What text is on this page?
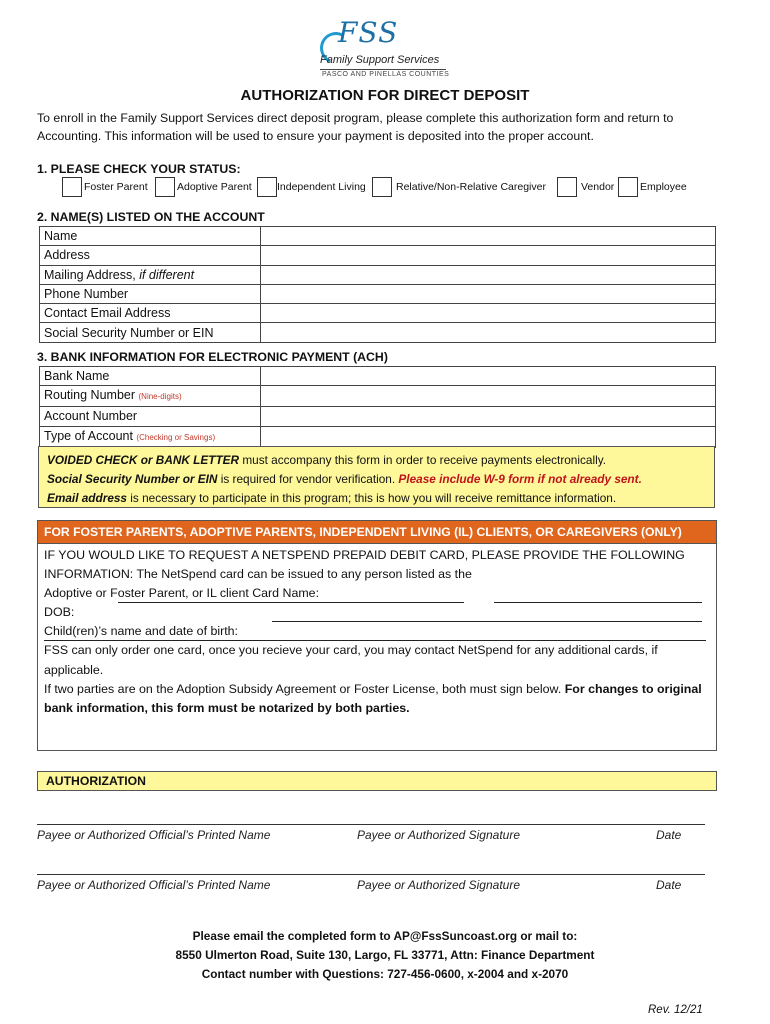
FSS
Family Support Services
PASCO AND PINELLAS COUNTIES
AUTHORIZATION FOR DIRECT DEPOSIT
To enroll in the Family Support Services direct deposit program, please complete this authorization form and return to Accounting. This information will be used to ensure your payment is deposited into the proper account.
1. PLEASE CHECK YOUR STATUS:
Foster Parent	Adoptive Parent Independent Living	Relative/Non-Relative Caregiver	Vendor Employee
2. NAME(S) LISTED ON THE ACCOUNT
Name	
Address	
Mailing Address, if different	
Phone Number	
Contact Email Address	
Social Security Number or EIN	
3. BANK INFORMATION FOR ELECTRONIC PAYMENT (ACH)
Bank Name	
Routing Number (Nine-digits)	
Account Number	
Type of Account (Checking or Savings)	
VOIDED CHECK or BANK LETTER must accompany this form in order to receive payments electronically.
Social Security Number or EIN is required for vendor verification. Please include W-9 form if not already sent.
Email address is necessary to participate in this program; this is how you will receive remittance information.
FOR FOSTER PARENTS, ADOPTIVE PARENTS, INDEPENDENT LIVING (IL) CLIENTS, OR CAREGIVERS (ONLY)
IF YOU WOULD LIKE TO REQUEST A NETSPEND PREPAID DEBIT CARD, PLEASE PROVIDE THE FOLLOWING INFORMATION: The NetSpend card can be issued to any person listed as the
Adoptive or Foster Parent, or IL client Card Name:
DOB:
Child(ren)’s name and date of birth:
FSS can only order one card, once you recieve your card, you may contact NetSpend for any additional cards, if applicable.
If two parties are on the Adoption Subsidy Agreement or Foster License, both must sign below. For changes to original bank information, this form must be notarized by both parties.
AUTHORIZATION
Payee or Authorized Official’s Printed Name	Payee or Authorized Signature	Date
Payee or Authorized Official’s Printed Name	Payee or Authorized Signature	Date
Please email the completed form to AP@FssSuncoast.org or mail to:
8550 Ulmerton Road, Suite 130, Largo, FL 33771, Attn: Finance Department
Contact number with Questions: 727-456-0600, x-2004 and x-2070
Rev. 12/21
